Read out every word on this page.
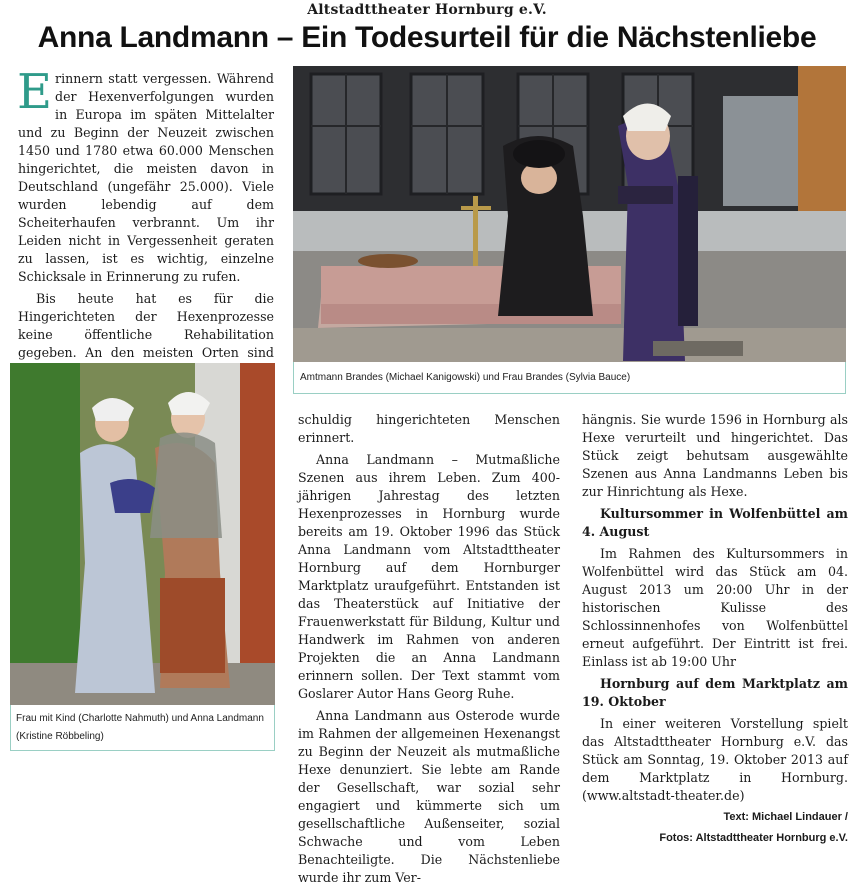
Altstadttheater Hornburg e.V.
Anna Landmann – Ein Todesurteil für die Nächstenliebe

Erinnern statt vergessen. Während der Hexenverfolgungen wurden in Europa im späten Mittelalter und zu Beginn der Neuzeit zwischen 1450 und 1780 etwa 60.000 Menschen hingerichtet, die meisten davon in Deutschland (ungefähr 25.000). Viele wurden lebendig auf dem Scheiterhaufen verbrannt. Um ihr Leiden nicht in Vergessenheit geraten zu lassen, ist es wichtig, einzelne Schicksale in Erinnerung zu rufen.

Bis heute hat es für die Hingerichteten der Hexenprozesse keine öffentliche Rehabilitation gegeben. An den meisten Orten sind

Amtmann Brandes (Michael Kanigowski) und Frau Brandes (Sylvia Bauce)
Frau mit Kind (Charlotte Nahmuth) und Anna Landmann
(Kristine Röbbeling)

schuldig hingerichteten Menschen erinnert.

Anna Landmann – Mutmaßliche Szenen aus ihrem Leben. Zum 400-jährigen Jahrestag des letzten Hexenprozesses in Hornburg wurde bereits am 19. Oktober 1996 das Stück Anna Landmann vom Altstadttheater Hornburg auf dem Hornburger Marktplatz uraufgeführt. Entstanden ist das Theaterstück auf Initiative der Frauenwerkstatt für Bildung, Kultur und Handwerk im Rahmen von anderen Projekten die an Anna Landmann erinnern sollen. Der Text stammt vom Goslarer Autor Hans Georg Ruhe.

Anna Landmann aus Osterode wurde im Rahmen der allgemeinen Hexenangst zu Beginn der Neuzeit als mutmaßliche Hexe denunziert. Sie lebte am Rande der Gesellschaft, war sozial sehr engagiert und kümmerte sich um gesellschaftliche Außenseiter, sozial Schwache und vom Leben Benachteiligte. Die Nächstenliebe wurde ihr zum Ver-

hängnis. Sie wurde 1596 in Hornburg als Hexe verurteilt und hingerichtet. Das Stück zeigt behutsam ausgewählte Szenen aus Anna Landmanns Leben bis zur Hinrichtung als Hexe.

Kultursommer in Wolfenbüttel am 4. August

Im Rahmen des Kultursommers in Wolfenbüttel wird das Stück am 04. August 2013 um 20:00 Uhr in der historischen Kulisse des Schlossinnenhofes von Wolfenbüttel erneut aufgeführt. Der Eintritt ist frei. Einlass ist ab 19:00 Uhr

Hornburg auf dem Marktplatz am 19. Oktober

In einer weiteren Vorstellung spielt das Altstadttheater Hornburg e.V. das Stück am Sonntag, 19. Oktober 2013 auf dem Marktplatz in Hornburg. (www.altstadt-theater.de)

Text: Michael Lindauer /

Fotos: Altstadttheater Hornburg e.V.
